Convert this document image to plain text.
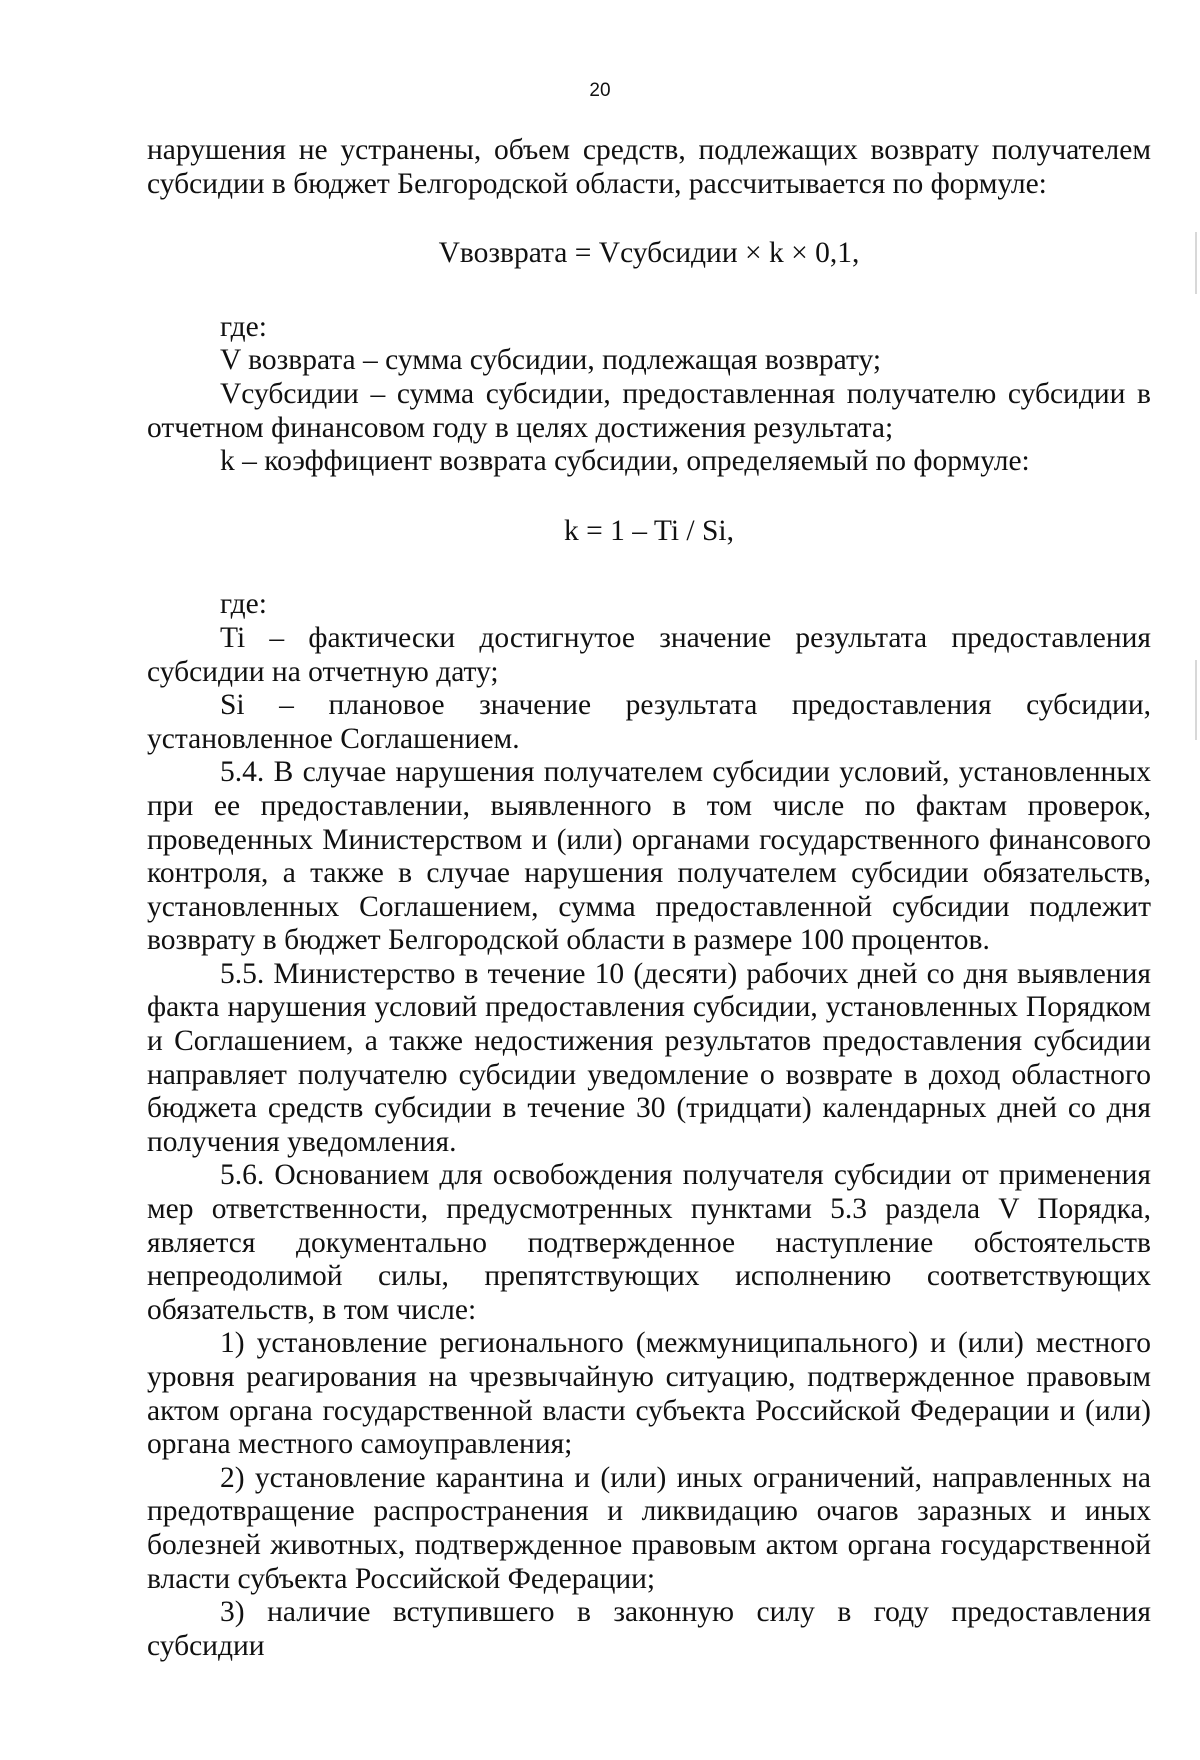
20

нарушения не устранены, объем средств, подлежащих возврату получателем субсидии в бюджет Белгородской области, рассчитывается по формуле:

Vвозврата = Vсубсидии × k × 0,1,

где:

V возврата – сумма субсидии, подлежащая возврату;

Vсубсидии – сумма субсидии, предоставленная получателю субсидии в отчетном финансовом году в целях достижения результата;

k – коэффициент возврата субсидии, определяемый по формуле:

k = 1 – Ti / Si,

где:

Ti – фактически достигнутое значение результата предоставления субсидии на отчетную дату;

Si – плановое значение результата предоставления субсидии, установленное Соглашением.

5.4. В случае нарушения получателем субсидии условий, установленных при ее предоставлении, выявленного в том числе по фактам проверок, проведенных Министерством и (или) органами государственного финансового контроля, а также в случае нарушения получателем субсидии обязательств, установленных Соглашением, сумма предоставленной субсидии подлежит возврату в бюджет Белгородской области в размере 100 процентов.

5.5. Министерство в течение 10 (десяти) рабочих дней со дня выявления факта нарушения условий предоставления субсидии, установленных Порядком и Соглашением, а также недостижения результатов предоставления субсидии направляет получателю субсидии уведомление о возврате в доход областного бюджета средств субсидии в течение 30 (тридцати) календарных дней со дня получения уведомления.

5.6. Основанием для освобождения получателя субсидии от применения мер ответственности, предусмотренных пунктами 5.3 раздела V Порядка, является документально подтвержденное наступление обстоятельств непреодолимой силы, препятствующих исполнению соответствующих обязательств, в том числе:

1) установление регионального (межмуниципального) и (или) местного уровня реагирования на чрезвычайную ситуацию, подтвержденное правовым актом органа государственной власти субъекта Российской Федерации и (или) органа местного самоуправления;

2) установление карантина и (или) иных ограничений, направленных на предотвращение распространения и ликвидацию очагов заразных и иных болезней животных, подтвержденное правовым актом органа государственной власти субъекта Российской Федерации;

3) наличие вступившего в законную силу в году предоставления субсидии
